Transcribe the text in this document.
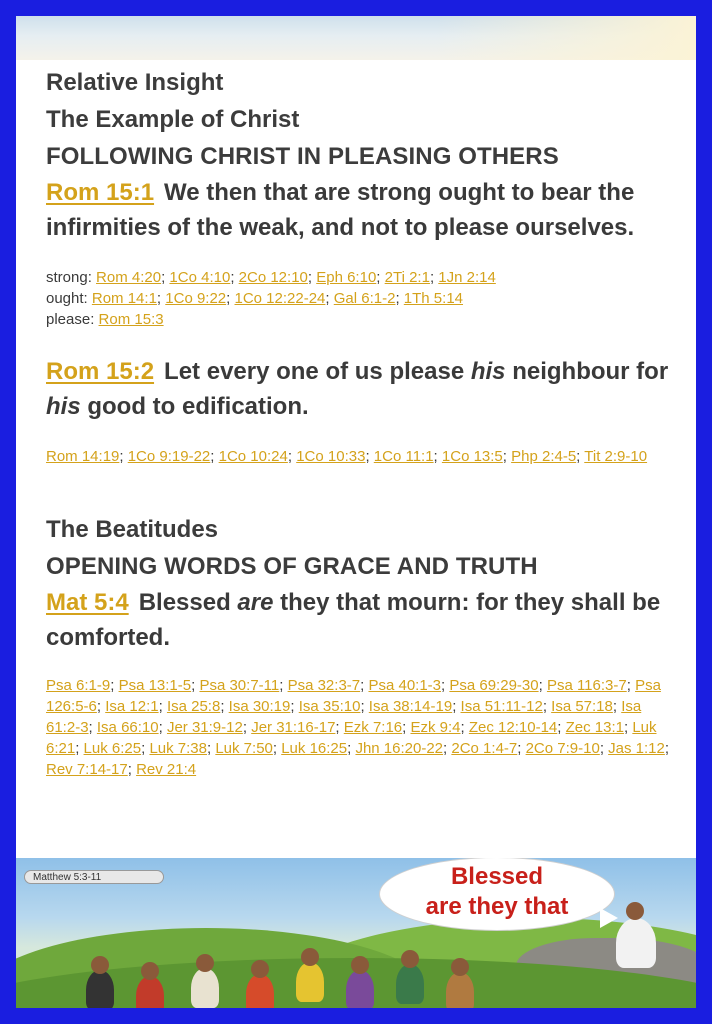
Relative Insight
The Example of Christ
FOLLOWING CHRIST IN PLEASING OTHERS
Rom 15:1 We then that are strong ought to bear the infirmities of the weak, and not to please ourselves.
strong: Rom 4:20; 1Co 4:10; 2Co 12:10; Eph 6:10; 2Ti 2:1; 1Jn 2:14
ought: Rom 14:1; 1Co 9:22; 1Co 12:22-24; Gal 6:1-2; 1Th 5:14
please: Rom 15:3
Rom 15:2 Let every one of us please his neighbour for his good to edification.
Rom 14:19; 1Co 9:19-22; 1Co 10:24; 1Co 10:33; 1Co 11:1; 1Co 13:5; Php 2:4-5; Tit 2:9-10
The Beatitudes
OPENING WORDS OF GRACE AND TRUTH
Mat 5:4 Blessed are they that mourn: for they shall be comforted.
Psa 6:1-9; Psa 13:1-5; Psa 30:7-11; Psa 32:3-7; Psa 40:1-3; Psa 69:29-30; Psa 116:3-7; Psa 126:5-6; Isa 12:1; Isa 25:8; Isa 30:19; Isa 35:10; Isa 38:14-19; Isa 51:11-12; Isa 57:18; Isa 61:2-3; Isa 66:10; Jer 31:9-12; Jer 31:16-17; Ezk 7:16; Ezk 9:4; Zec 12:10-14; Zec 13:1; Luk 6:21; Luk 6:25; Luk 7:38; Luk 7:50; Luk 16:25; Jhn 16:20-22; 2Co 1:4-7; 2Co 7:9-10; Jas 1:12; Rev 7:14-17; Rev 21:4
Matthew 5:3-11	Blessed
are they that
